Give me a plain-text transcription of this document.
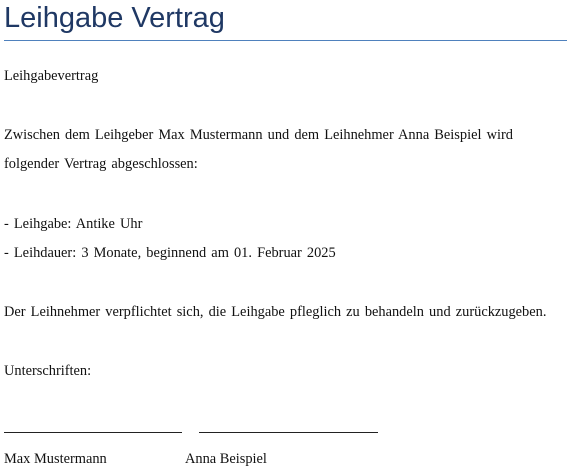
Leihgabe Vertrag
Leihgabevertrag
Zwischen dem Leihgeber Max Mustermann und dem Leihnehmer Anna Beispiel wird
folgender Vertrag abgeschlossen:
- Leihgabe: Antike Uhr
- Leihdauer: 3 Monate, beginnend am 01. Februar 2025
Der Leihnehmer verpflichtet sich, die Leihgabe pfleglich zu behandeln und zurückzugeben.
Unterschriften:
Max Mustermann	Anna Beispiel
